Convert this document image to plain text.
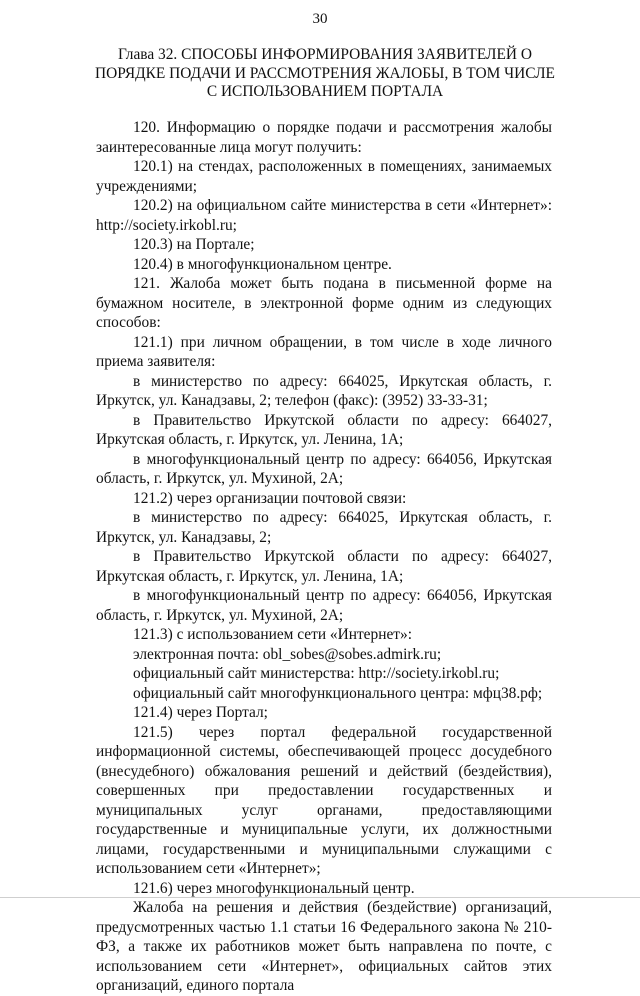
30
Глава 32. СПОСОБЫ ИНФОРМИРОВАНИЯ ЗАЯВИТЕЛЕЙ О ПОРЯДКЕ ПОДАЧИ И РАССМОТРЕНИЯ ЖАЛОБЫ, В ТОМ ЧИСЛЕ С ИСПОЛЬЗОВАНИЕМ ПОРТАЛА

120. Информацию о порядке подачи и рассмотрения жалобы заинтересованные лица могут получить:

120.1) на стендах, расположенных в помещениях, занимаемых учреждениями;

120.2) на официальном сайте министерства в сети «Интернет»: http://society.irkobl.ru;

120.3) на Портале;

120.4) в многофункциональном центре.

121. Жалоба может быть подана в письменной форме на бумажном носителе, в электронной форме одним из следующих способов:

121.1) при личном обращении, в том числе в ходе личного приема заявителя:

в министерство по адресу: 664025, Иркутская область, г. Иркутск, ул. Канадзавы, 2; телефон (факс): (3952) 33-33-31;

в Правительство Иркутской области по адресу: 664027, Иркутская область, г. Иркутск, ул. Ленина, 1А;

в многофункциональный центр по адресу: 664056, Иркутская область, г. Иркутск, ул. Мухиной, 2А;

121.2) через организации почтовой связи:

в министерство по адресу: 664025, Иркутская область, г. Иркутск, ул. Канадзавы, 2;

в Правительство Иркутской области по адресу: 664027, Иркутская область, г. Иркутск, ул. Ленина, 1А;

в многофункциональный центр по адресу: 664056, Иркутская область, г. Иркутск, ул. Мухиной, 2А;

121.3) с использованием сети «Интернет»:

электронная почта: obl_sobes@sobes.admirk.ru;

официальный сайт министерства: http://society.irkobl.ru;

официальный сайт многофункционального центра: мфц38.рф;

121.4) через Портал;

121.5) через портал федеральной государственной информационной системы, обеспечивающей процесс досудебного (внесудебного) обжалования решений и действий (бездействия), совершенных при предоставлении государственных и муниципальных услуг органами, предоставляющими государственные и муниципальные услуги, их должностными лицами, государственными и муниципальными служащими с использованием сети «Интернет»;

121.6) через многофункциональный центр.

Жалоба на решения и действия (бездействие) организаций, предусмотренных частью 1.1 статьи 16 Федерального закона № 210-ФЗ, а также их работников может быть направлена по почте, с использованием сети «Интернет», официальных сайтов этих организаций, единого портала
